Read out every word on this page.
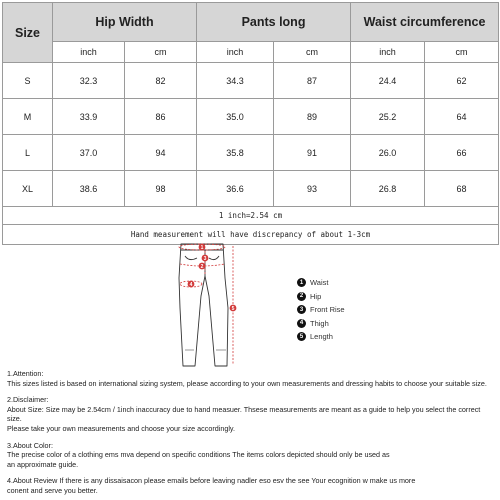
Size	Hip Width		Pants long		Waist circumference	
	inch	cm	inch	cm	inch	cm
S	32.3	82	34.3	87	24.4	62
M	33.9	86	35.0	89	25.2	64
L	37.0	94	35.8	91	26.0	66
XL	38.6	98	36.6	93	26.8	68
1 inch=2.54 cm						
Hand measurement will have discrepancy of about 1-3cm						
1
2
3
4
5
1 Waist
2 Hip
3 Front Rise
4 Thigh
5 Length

1.Attention:

This sizes listed is based on international sizing system, please according to your own measurements and dressing habits to choose your suitable size.

2.Disclaimer:

About Size: Size may be 2.54cm / 1inch inaccuracy due to hand measuer. Thsese measurements are meant as a guide to help you select the correct size.

Please take your own measurements and choose your size accordingly.

3.About Color:

The precise color of a clothing ems mva depend on specific conditions The items colors depicted should only be used as

an approximate guide.

4.About Review If there is any dissaisacon please emails before leaving nadler eso esv the see Your ecognition w make us more

conent and serve you better.
